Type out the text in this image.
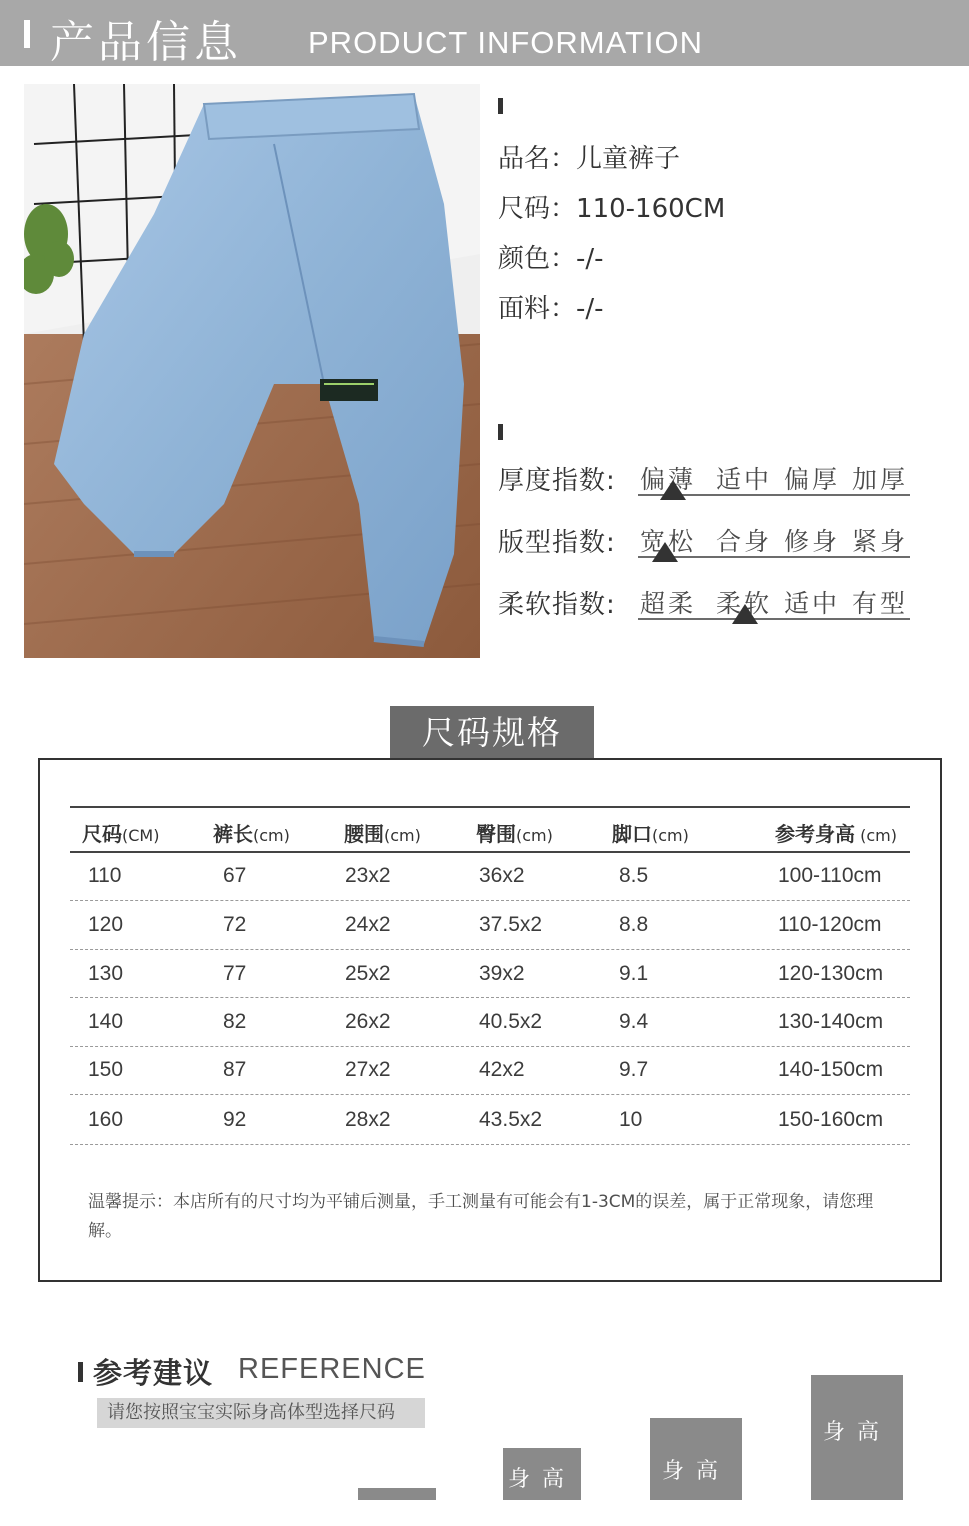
产品信息 PRODUCT INFORMATION
品名：儿童裤子
尺码：110-160CM
颜色：-/-
面料：-/-
厚度指数: 偏薄 适中 偏厚 加厚
版型指数: 宽松 合身 修身 紧身
柔软指数: 超柔 柔软 适中 有型
尺码规格
尺码(CM)	裤长(cm)	腰围(cm)	臀围(cm)	脚口(cm)	参考身高 (cm)
110	67	23x2	36x2	8.5	100-110cm
120	72	24x2	37.5x2	8.8	110-120cm
130	77	25x2	39x2	9.1	120-130cm
140	82	26x2	40.5x2	9.4	130-140cm
150	87	27x2	42x2	9.7	140-150cm
160	92	28x2	43.5x2	10	150-160cm
温馨提示：本店所有的尺寸均为平铺后测量，手工测量有可能会有1-3CM的误差，属于正常现象，请您理解。
参考建议 REFERENCE
请您按照宝宝实际身高体型选择尺码
身高	身高
身高
